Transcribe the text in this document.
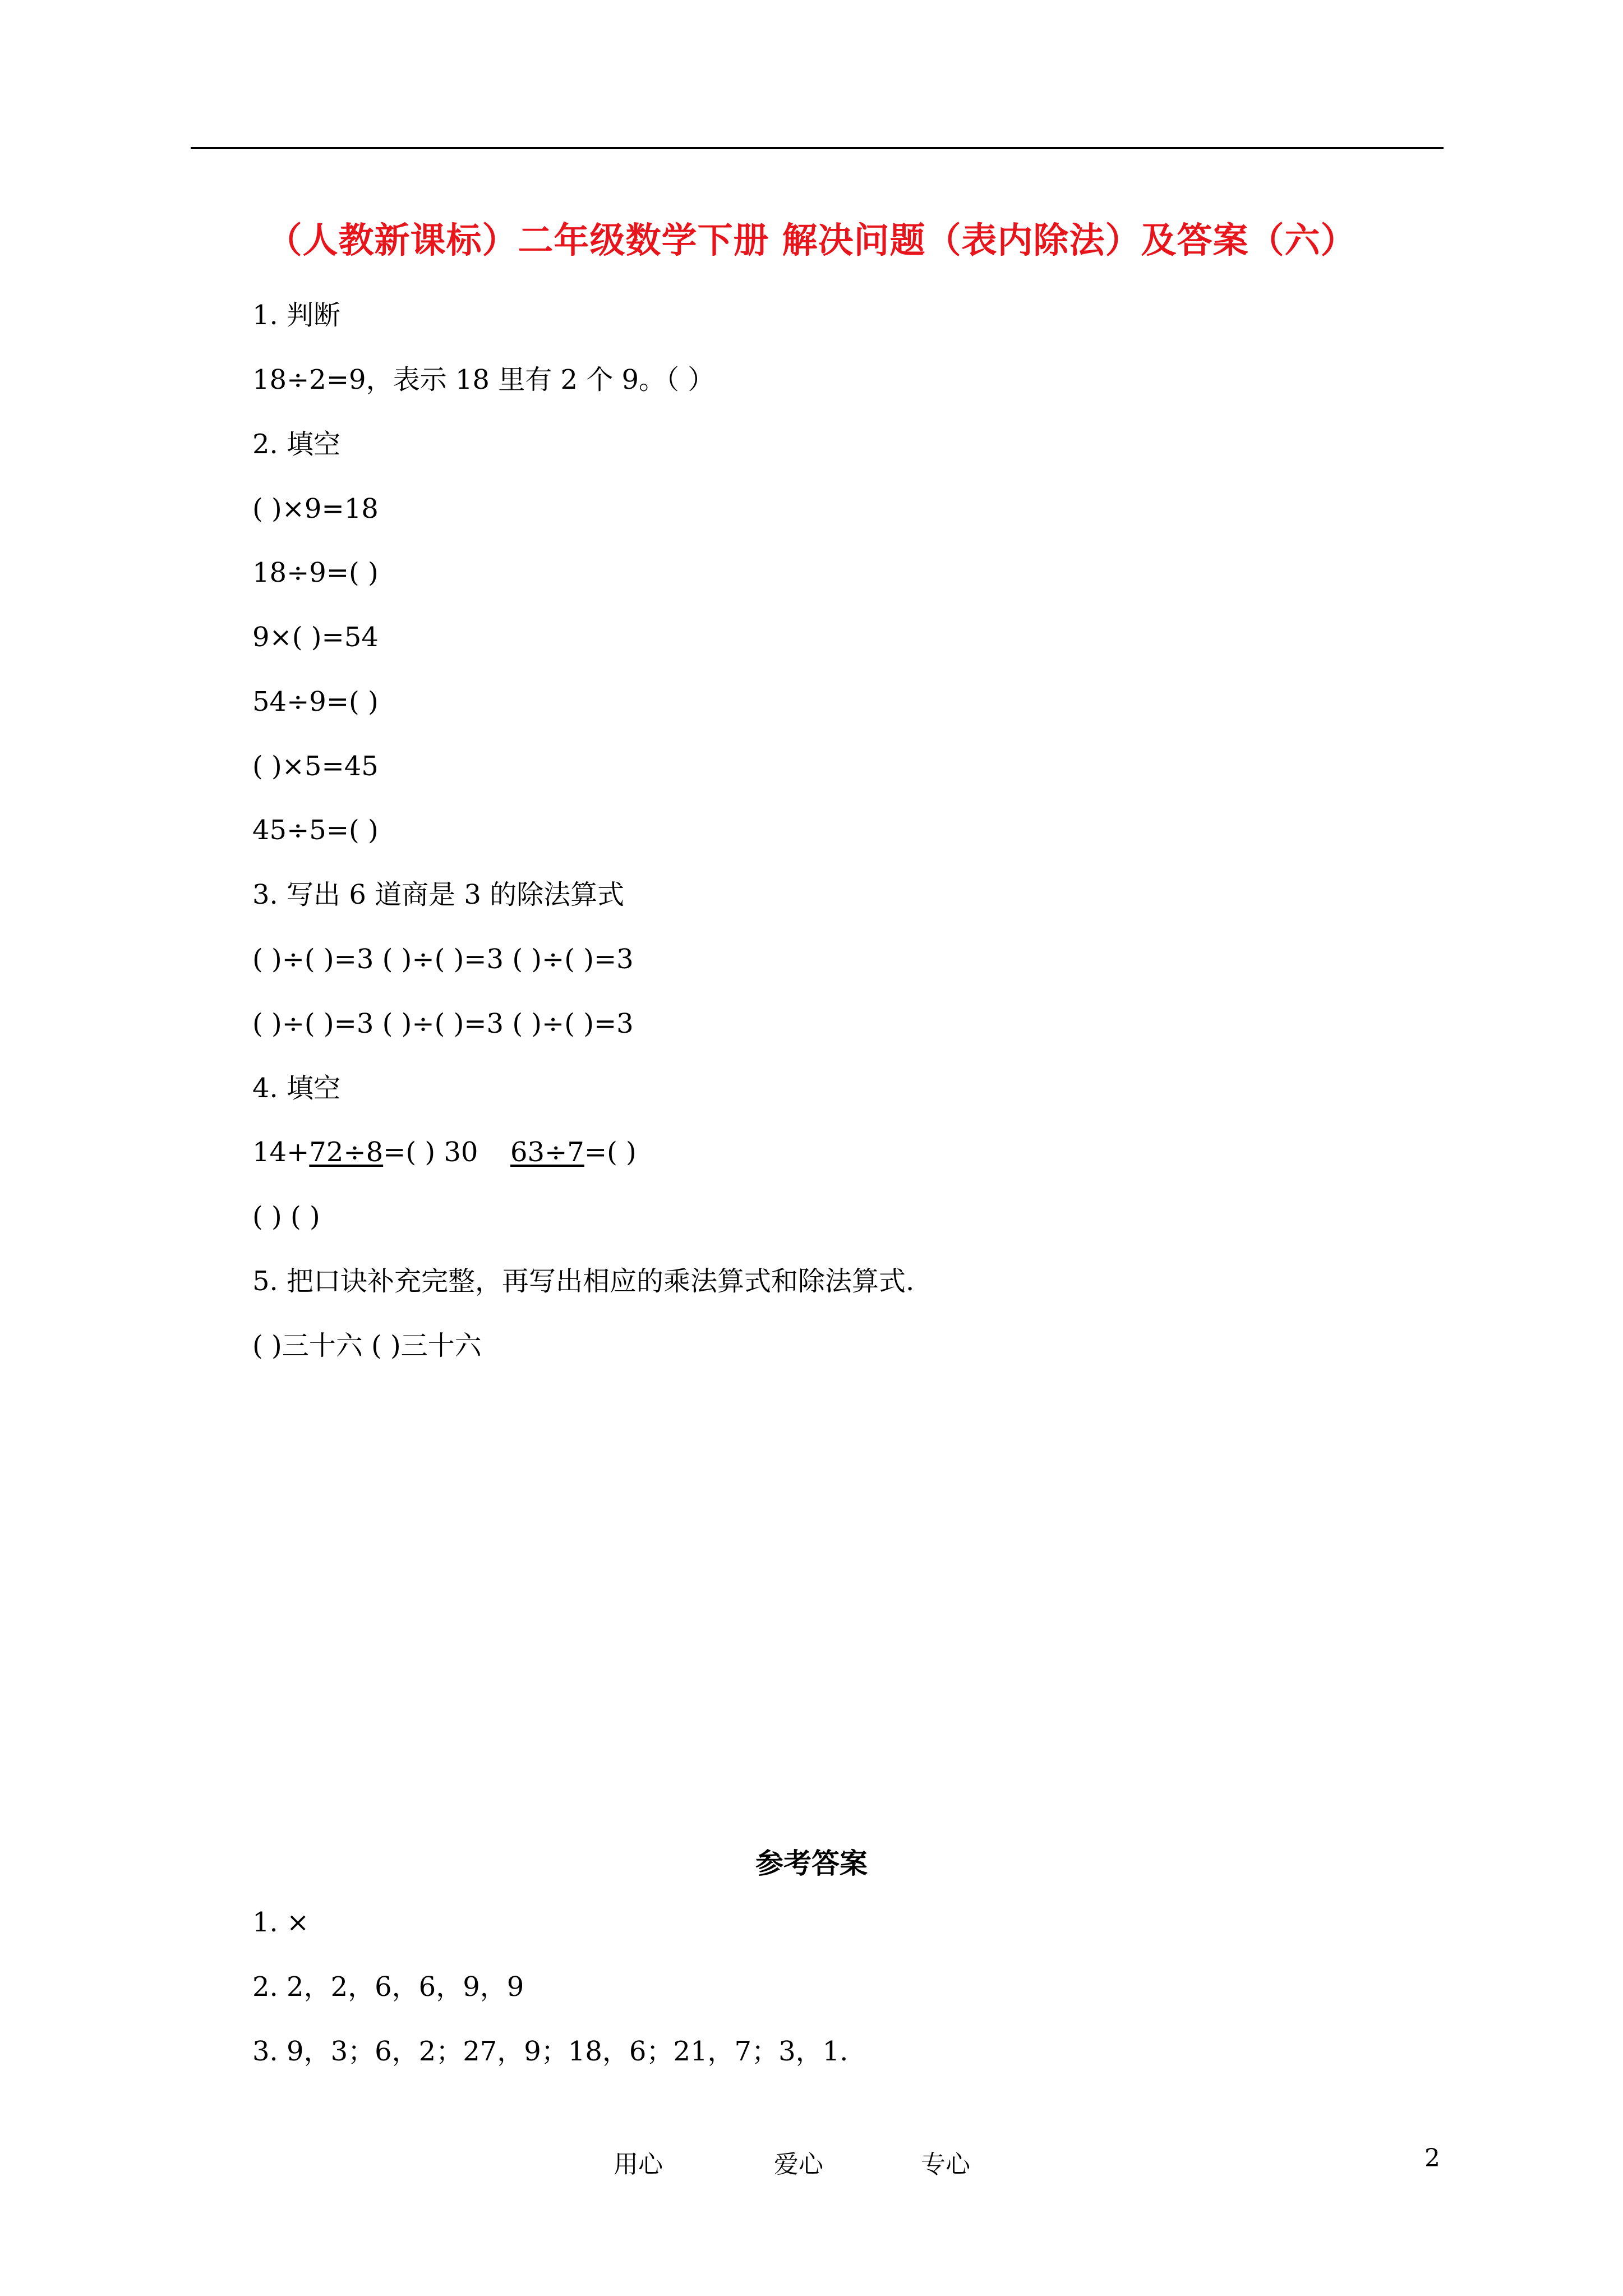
（人教新课标）二年级数学下册 解决问题（表内除法）及答案（六）
1. 判断
18÷2=9，表示 18 里有 2 个 9。（ ）
2. 填空
( )×9=18
18÷9=( )
9×( )=54
54÷9=( )
( )×5=45
45÷5=( )
3. 写出 6 道商是 3 的除法算式
( )÷( )=3 ( )÷( )=3 ( )÷( )=3
( )÷( )=3 ( )÷( )=3 ( )÷( )=3
4. 填空
14+72÷8=( ) 30 63÷7=( )
( ) ( )
5. 把口诀补充完整，再写出相应的乘法算式和除法算式.
( )三十六 ( )三十六
参考答案
1. ×
2. 2，2，6，6，9，9
3. 9，3；6，2；27，9；18，6；21，7；3，1.
用心	爱心	专心	2
